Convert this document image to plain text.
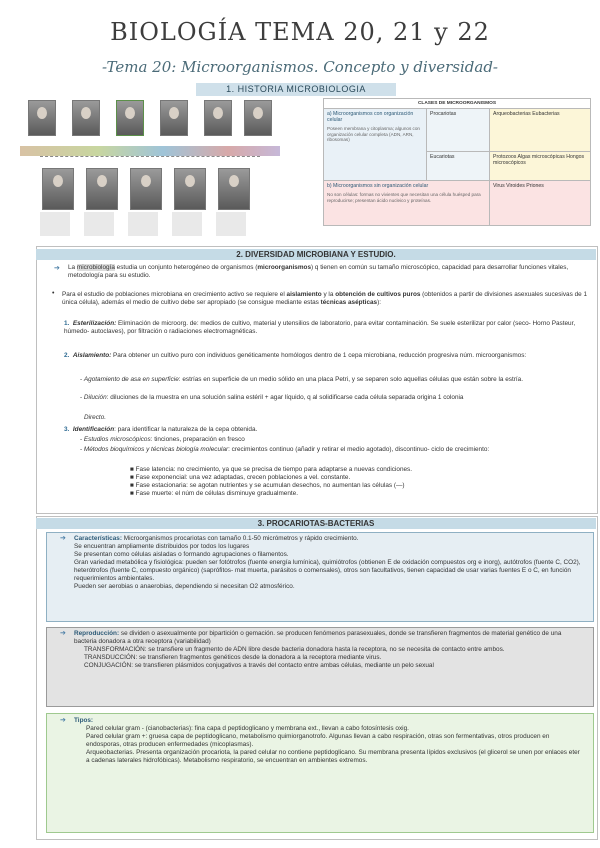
BIOLOGÍA TEMA 20, 21 y 22
-Tema 20: Microorganismos. Concepto y diversidad-
1. HISTORIA MICROBIOLOGIA
CLASES DE MICROORGANISMOS		

a) Microorganismos con organización celular
Poseen membrana y citoplasma; algunos con organización celular completa (ADN, ARN, ribosomas)	Procariotas	Arqueobacterias Eubacterias
	Eucariotas	Protozoos Algas microscópicas Hongos microscópicos

b) Microorganismos sin organización celular
No son células: formas no vivientes que necesitan una célula huésped para reproducirse; presentan ácido nucleico y proteínas.		Virus Viroides Priones
2. DIVERSIDAD MICROBIANA Y ESTUDIO.
➔ La microbiología estudia un conjunto heterogéneo de organismos (microorganismos) q tienen en común su tamaño microscópico, capacidad para desarrollar funciones vitales, metodología para su estudio.
• Para el estudio de poblaciones microbiana en crecimiento activo se requiere el aislamiento y la obtención de cultivos puros (obtenidos a partir de divisiones asexuales sucesivas de 1 única célula), además el medio de cultivo debe ser apropiado (se consigue mediante estas técnicas asépticas):
1. Esterilización: Eliminación de microorg. de: medios de cultivo, material y utensilios de laboratorio, para evitar contaminación. Se suele esterilizar por calor (seco- Horno Pasteur, húmedo- autoclaves), por filtración o radiaciones electromagnéticas.
2. Aislamiento: Para obtener un cultivo puro con individuos genéticamente homólogos dentro de 1 cepa microbiana, reducción progresiva núm. microorganismos:
- Agotamiento de asa en superficie: estrías en superficie de un medio sólido en una placa Petri, y se separen solo aquellas células que están sobre la estría.
- Dilución: diluciones de la muestra en una solución salina estéril + agar líquido, q al solidificarse cada célula separada origina 1 colonia
Directo.
3. Identificación: para identificar la naturaleza de la cepa obtenida.
- Estudios microscópicos: tinciones, preparación en fresco
- Métodos bioquímicos y técnicas biología molecular: crecimientos continuo (añadir y retirar el medio agotado), discontinuo- ciclo de crecimiento:
■ Fase latencia: no crecimiento, ya que se precisa de tiempo para adaptarse a nuevas condiciones.
■ Fase exponencial: una vez adaptadas, crecen poblaciones a vel. constante.
■ Fase estacionaria: se agotan nutrientes y se acumulan desechos, no aumentan las células (—)
■ Fase muerte: el núm de células disminuye gradualmente.
3. PROCARIOTAS-BACTERIAS
➔ Características: Microorganismos procariotas con tamaño 0.1-50 micrómetros y rápido crecimiento.
Se encuentran ampliamente distribuidos por todos los lugares
Se presentan como células aisladas o formando agrupaciones o filamentos.
Gran variedad metabólica y fisiológica: pueden ser fotótrofos (fuente energía lumínica), quimiótrofos (obtienen E de oxidación compuestos org e inorg), autótrofos (fuente C, CO2), heterótrofos (fuente C, compuesto orgánico) (saprófitos- mat muerta, parásitos o comensales), otros son facultativos, tienen capacidad de usar varias fuentes E o C, en función requerimientos ambientales.
Pueden ser aerobias o anaerobias, dependiendo si necesitan O2 atmosférico.
➔ Reproducción: se dividen o asexualmente por bipartición o gemación. se producen fenómenos parasexuales, donde se transfieren fragmentos de material genético de una bacteria donadora a otra receptora (variabilidad)
TRANSFORMACIÓN: se transfiere un fragmento de ADN libre desde bacteria donadora hasta la receptora, no se necesita de contacto entre ambos.
TRANSDUCCIÓN: se transfieren fragmentos genéticos desde la donadora a la receptora mediante virus.
CONJUGACIÓN: se transfieren plásmidos conjugativos a través del contacto entre ambas células, mediante un pelo sexual
➔ Tipos:
Pared celular gram - (cianobacterias): fina capa d peptidoglicano y membrana ext., llevan a cabo fotosíntesis oxig.
Pared celular gram +: gruesa capa de peptidoglicano, metabolismo quimiorganotrofo. Algunas llevan a cabo respiración, otras son fermentativas, otros producen en endosporas, otras producen enfermedades (micoplasmas).
Arqueobacterias. Presenta organización procariota, la pared celular no contiene peptidoglicano. Su membrana presenta lípidos exclusivos (el glicerol se unen por enlaces eter a cadenas laterales hidrofóbicas). Metabolismo respiratorio, se encuentran en ambientes extremos.
